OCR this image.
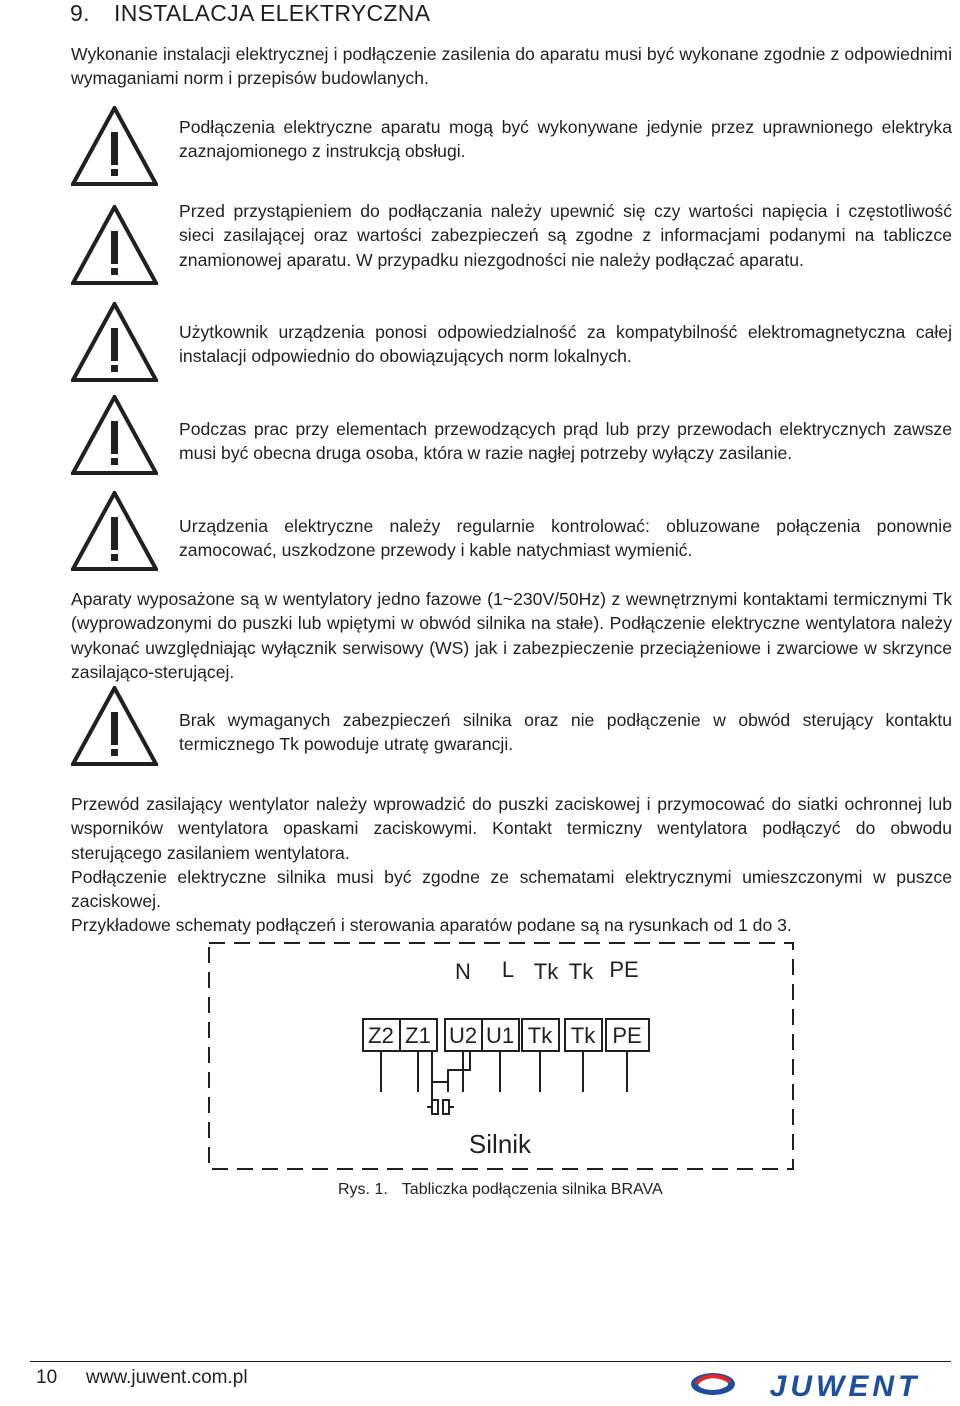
9. INSTALACJA ELEKTRYCZNA

Wykonanie instalacji elektrycznej i podłączenie zasilenia do aparatu musi być wykonane zgodnie z odpowiednimi wymaganiami norm i przepisów budowlanych.

Podłączenia elektryczne aparatu mogą być wykonywane jedynie przez uprawnionego elektryka zaznajomionego z instrukcją obsługi.
Przed przystąpieniem do podłączania należy upewnić się czy wartości napięcia i częstotliwość sieci zasilającej oraz wartości zabezpieczeń są zgodne z informacjami podanymi na tabliczce znamionowej aparatu. W przypadku niezgodności nie należy podłączać aparatu.
Użytkownik urządzenia ponosi odpowiedzialność za kompatybilność elektromagnetyczna całej instalacji odpowiednio do obowiązujących norm lokalnych.
Podczas prac przy elementach przewodzących prąd lub przy przewodach elektrycznych zawsze musi być obecna druga osoba, która w razie nagłej potrzeby wyłączy zasilanie.
Urządzenia elektryczne należy regularnie kontrolować: obluzowane połączenia ponownie zamocować, uszkodzone przewody i kable natychmiast wymienić.

Aparaty wyposażone są w wentylatory jedno fazowe (1~230V/50Hz) z wewnętrznymi kontaktami termicznymi Tk (wyprowadzonymi do puszki lub wpiętymi w obwód silnika na stałe). Podłączenie elektryczne wentylatora należy wykonać uwzględniając wyłącznik serwisowy (WS) jak i zabezpieczenie przeciążeniowe i zwarciowe w skrzynce zasilająco-sterującej.

Brak wymaganych zabezpieczeń silnika oraz nie podłączenie w obwód sterujący kontaktu termicznego Tk powoduje utratę gwarancji.

Przewód zasilający wentylator należy wprowadzić do puszki zaciskowej i przymocować do siatki ochronnej lub wsporników wentylatora opaskami zaciskowymi. Kontakt termiczny wentylatora podłączyć do obwodu sterującego zasilaniem wentylatora.

Podłączenie elektryczne silnika musi być zgodne ze schematami elektrycznymi umieszczonymi w puszce zaciskowej.

Przykładowe schematy podłączeń i sterowania aparatów podane są na rysunkach od 1 do 3.

N L Tk Tk PE
Z2 Z1 U2 U1 Tk Tk PE
Silnik
Rys. 1. Tabliczka podłączenia silnika BRAVA
10 www.juwent.com.pl	JUWENT
